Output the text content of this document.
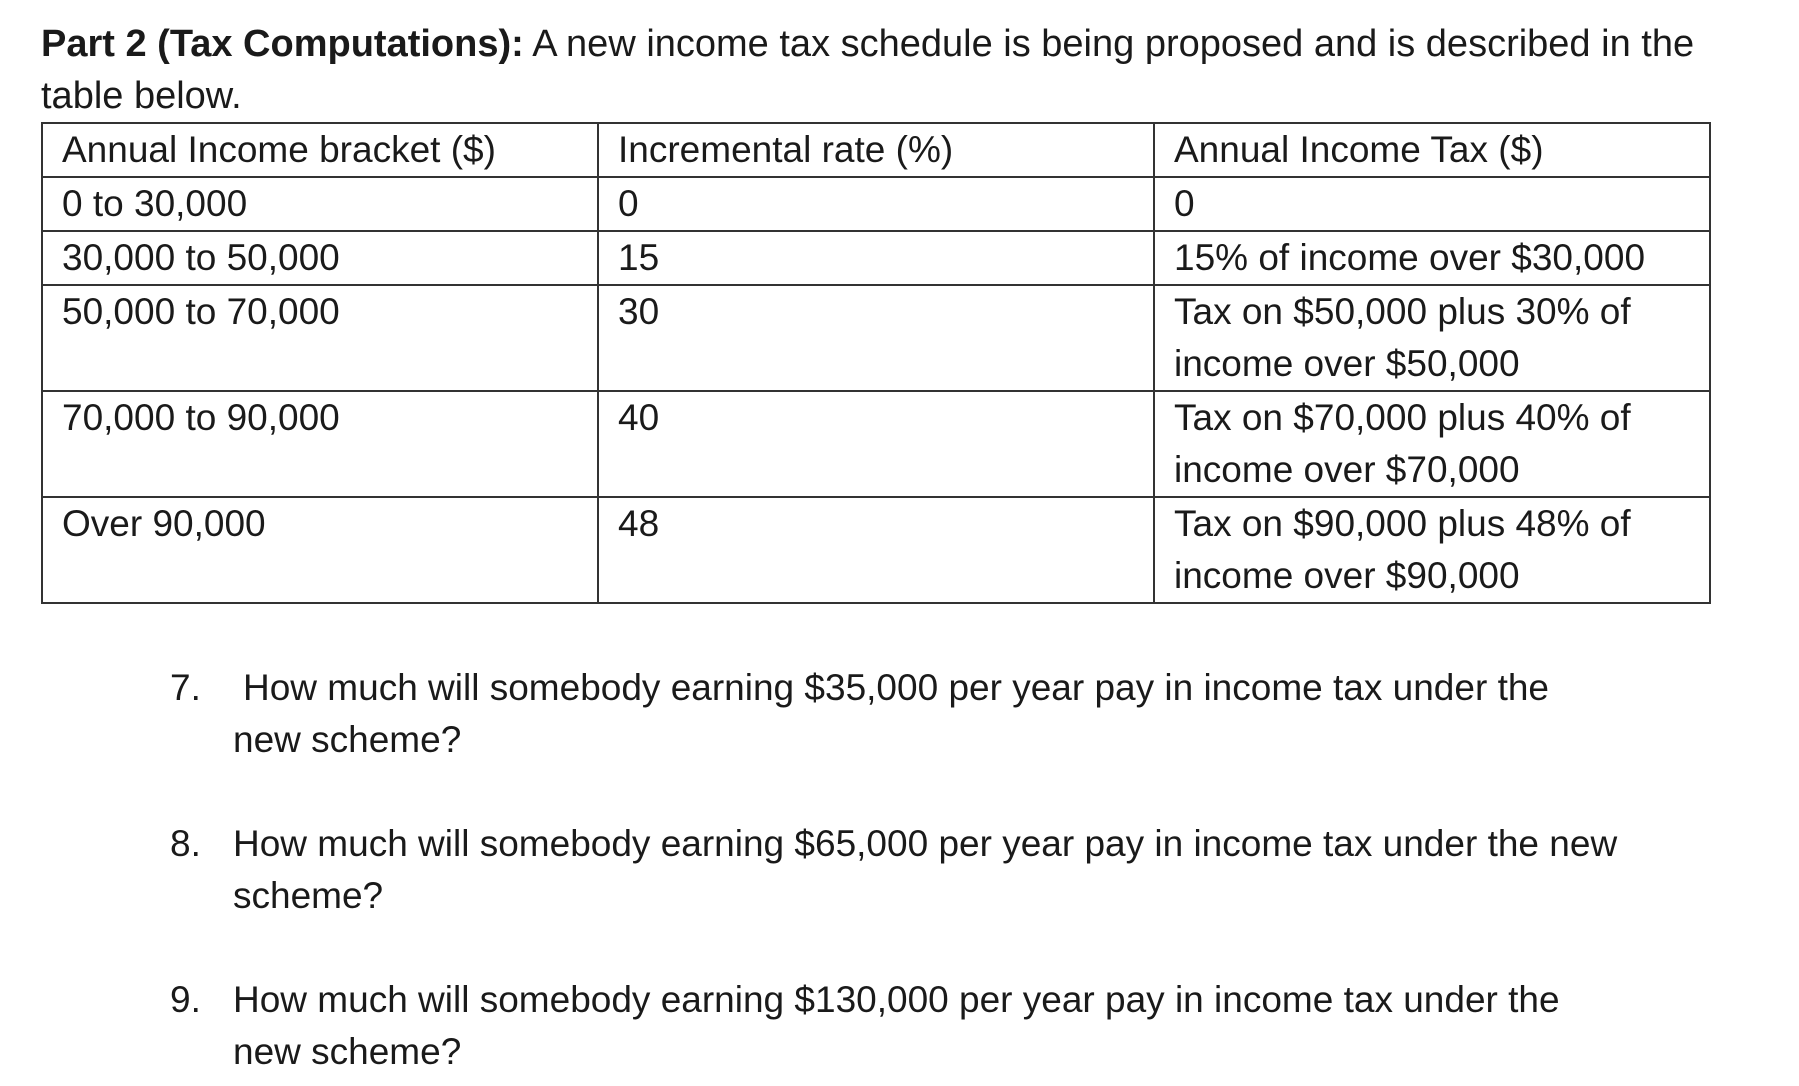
Part 2 (Tax Computations): A new income tax schedule is being proposed and is described in the table below.
Annual Income bracket ($)	Incremental rate (%)	Annual Income Tax ($)
0 to 30,000	0	0
30,000 to 50,000	15	15% of income over $30,000
50,000 to 70,000	30	Tax on $50,000 plus 30% of income over $50,000
70,000 to 90,000	40	Tax on $70,000 plus 40% of income over $70,000
Over 90,000	48	Tax on $90,000 plus 48% of income over $90,000
7. How much will somebody earning $35,000 per year pay in income tax under the
new scheme?
8. How much will somebody earning $65,000 per year pay in income tax under the new
scheme?
9. How much will somebody earning $130,000 per year pay in income tax under the
new scheme?
